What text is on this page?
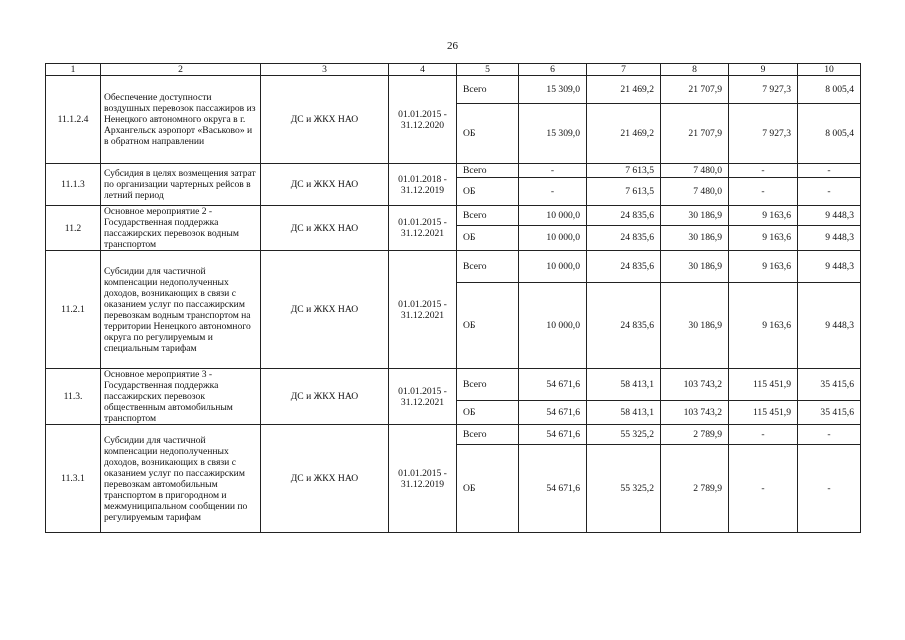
26
1	2	3	4	5	6	7	8	9	10
11.1.2.4	Обеспечение доступности воздушных перевозок пассажиров из Ненецкого автономного округа в г. Архангельск аэропорт «Васьково» и в обратном направлении	ДС и ЖКХ НАО	01.01.2015 - 31.12.2020	Всего	15 309,0	21 469,2	21 707,9	7 927,3	8 005,4
				ОБ	15 309,0	21 469,2	21 707,9	7 927,3	8 005,4
11.1.3	Субсидия в целях возмещения затрат по организации чартерных рейсов в летний период	ДС и ЖКХ НАО	01.01.2018 - 31.12.2019	Всего	-	7 613,5	7 480,0	-	-
				ОБ	-	7 613,5	7 480,0	-	-
11.2	Основное мероприятие 2 - Государственная поддержка пассажирских перевозок водным транспортом	ДС и ЖКХ НАО	01.01.2015 - 31.12.2021	Всего	10 000,0	24 835,6	30 186,9	9 163,6	9 448,3
				ОБ	10 000,0	24 835,6	30 186,9	9 163,6	9 448,3
11.2.1	Субсидии для частичной компенсации недополученных доходов, возникающих в связи с оказанием услуг по пассажирским перевозкам водным транспортом на территории Ненецкого автономного округа по регулируемым и специальным тарифам	ДС и ЖКХ НАО	01.01.2015 - 31.12.2021	Всего	10 000,0	24 835,6	30 186,9	9 163,6	9 448,3
				ОБ	10 000,0	24 835,6	30 186,9	9 163,6	9 448,3
11.3.	Основное мероприятие 3 - Государственная поддержка пассажирских перевозок общественным автомобильным транспортом	ДС и ЖКХ НАО	01.01.2015 - 31.12.2021	Всего	54 671,6	58 413,1	103 743,2	115 451,9	35 415,6
				ОБ	54 671,6	58 413,1	103 743,2	115 451,9	35 415,6
11.3.1	Субсидии для частичной компенсации недополученных доходов, возникающих в связи с оказанием услуг по пассажирским перевозкам автомобильным транспортом в пригородном и межмуниципальном сообщении по регулируемым тарифам	ДС и ЖКХ НАО	01.01.2015 - 31.12.2019	Всего	54 671,6	55 325,2	2 789,9	-	-
				ОБ	54 671,6	55 325,2	2 789,9	-	-
